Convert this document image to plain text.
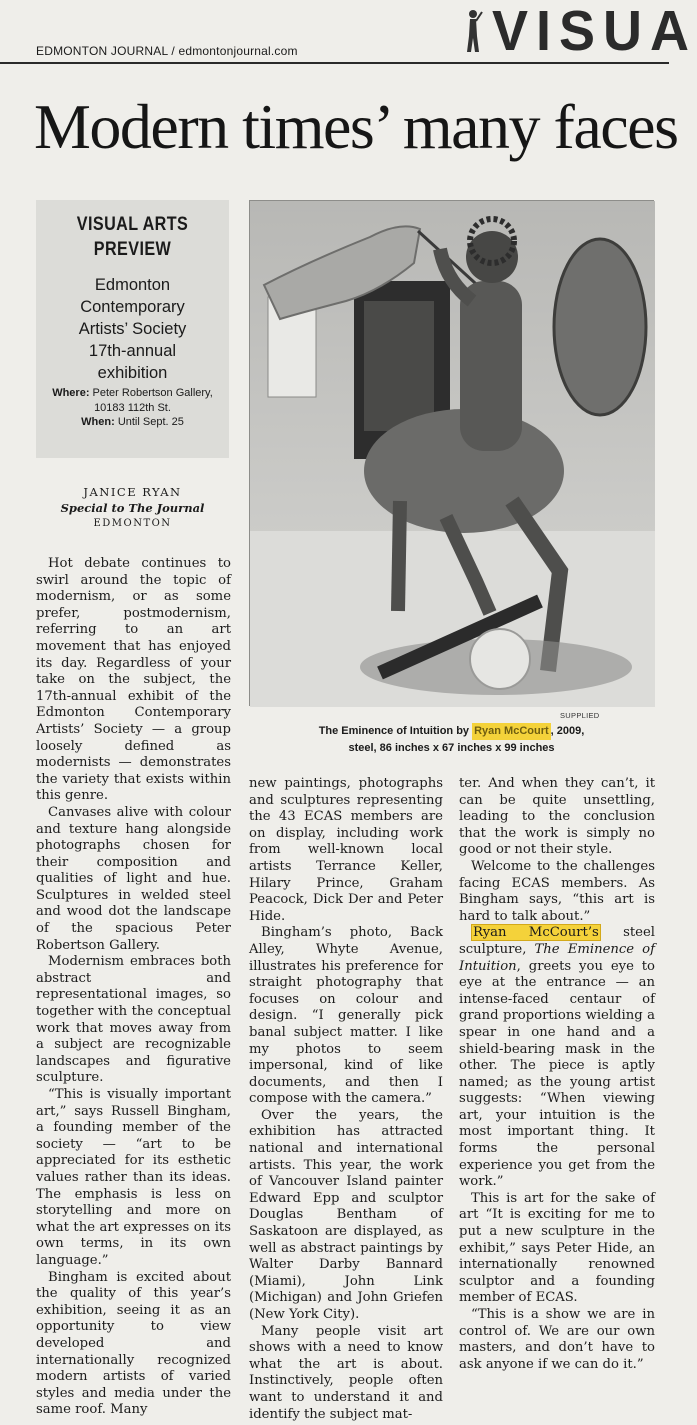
EDMONTON JOURNAL / edmontonjournal.com	VISUA
Modern times’ many faces
VISUAL ARTS
PREVIEW
Edmonton
Contemporary
Artists’ Society
17th-annual
exhibition
Where: Peter Robertson Gallery, 10183 112th St.
When: Until Sept. 25
JANICE RYAN
Special to The Journal
EDMONTON
SUPPLIED
The Eminence of Intuition by Ryan McCourt , 2009,
steel, 86 inches x 67 inches x 99 inches

Hot debate continues to swirl around the topic of modernism, or as some prefer, postmodernism, referring to an art movement that has enjoyed its day. Regardless of your take on the subject, the 17th-annual exhibit of the Edmonton Contemporary Artists’ Society — a group loosely defined as modernists — demonstrates the variety that exists within this genre.

Canvases alive with colour and texture hang alongside photographs chosen for their composition and qualities of light and hue. Sculptures in welded steel and wood dot the landscape of the spacious Peter Robertson Gallery.

Modernism embraces both abstract and representational images, so together with the conceptual work that moves away from a subject are recognizable landscapes and figurative sculpture.

“This is visually important art,” says Russell Bingham, a founding member of the society — “art to be appreciated for its esthetic values rather than its ideas. The emphasis is less on storytelling and more on what the art expresses on its own terms, in its own language.”

Bingham is excited about the quality of this year’s exhibition, seeing it as an opportunity to view developed and internationally recognized modern artists of varied styles and media under the same roof. Many

new paintings, photographs and sculptures representing the 43 ECAS members are on display, including work from well-known local artists Terrance Keller, Hilary Prince, Graham Peacock, Dick Der and Peter Hide.

Bingham’s photo, Back Alley, Whyte Avenue, illustrates his preference for straight photography that focuses on colour and design. “I generally pick banal subject matter. I like my photos to seem impersonal, kind of like documents, and then I compose with the camera.”

Over the years, the exhibition has attracted national and international artists. This year, the work of Vancouver Island painter Edward Epp and sculptor Douglas Bentham of Saskatoon are displayed, as well as abstract paintings by Walter Darby Bannard (Miami), John Link (Michigan) and John Griefen (New York City).

Many people visit art shows with a need to know what the art is about. Instinctively, people often want to understand it and identify the subject mat-

ter. And when they can’t, it can be quite unsettling, leading to the conclusion that the work is simply no good or not their style.

Welcome to the challenges facing ECAS members. As Bingham says, “this art is hard to talk about.”

Ryan McCourt’s steel sculpture, The Eminence of Intuition, greets you eye to eye at the entrance — an intense-faced centaur of grand proportions wielding a spear in one hand and a shield-bearing mask in the other. The piece is aptly named; as the young artist suggests: “When viewing art, your intuition is the most important thing. It forms the personal experience you get from the work.”

This is art for the sake of art “It is exciting for me to put a new sculpture in the exhibit,” says Peter Hide, an internationally renowned sculptor and a founding member of ECAS.

“This is a show we are in control of. We are our own masters, and don’t have to ask anyone if we can do it.”
